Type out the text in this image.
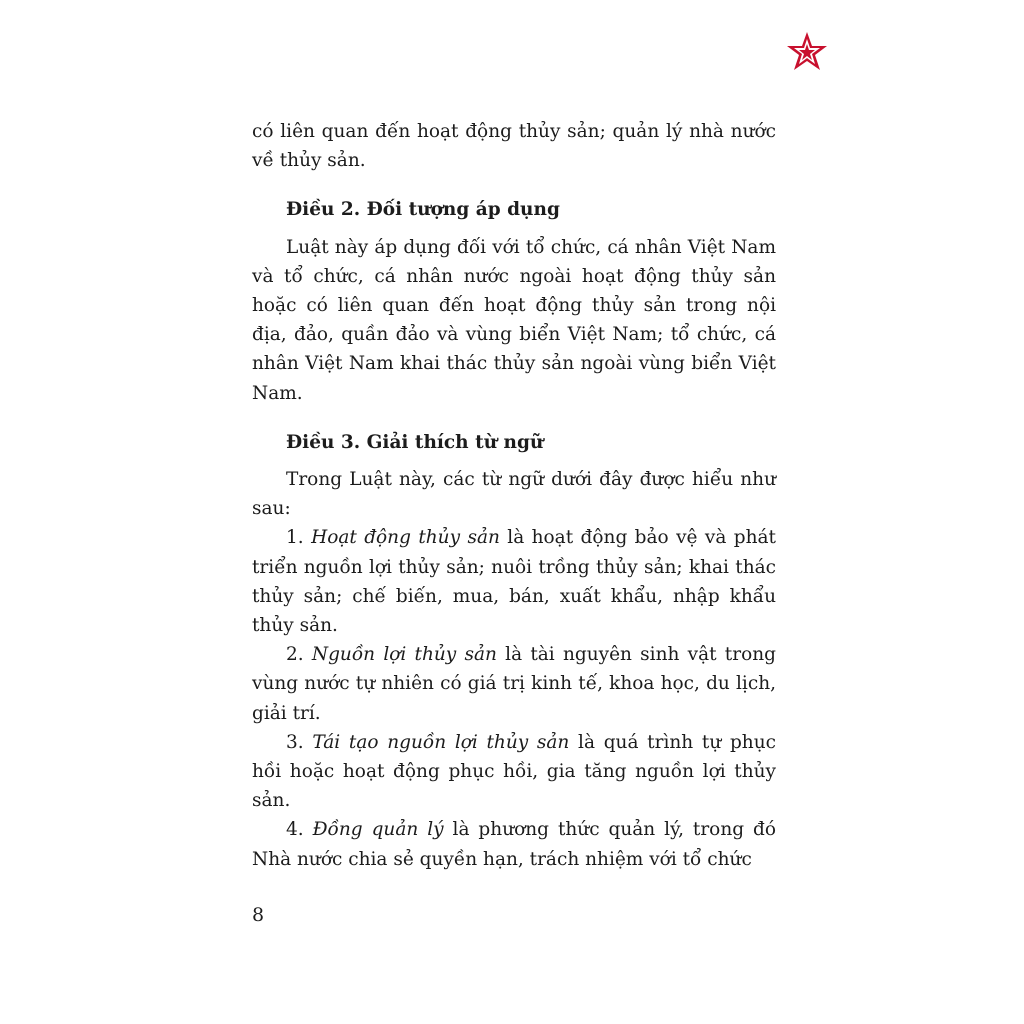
có liên quan đến hoạt động thủy sản; quản lý nhà nước về thủy sản.

Điều 2. Đối tượng áp dụng

Luật này áp dụng đối với tổ chức, cá nhân Việt Nam và tổ chức, cá nhân nước ngoài hoạt động thủy sản hoặc có liên quan đến hoạt động thủy sản trong nội địa, đảo, quần đảo và vùng biển Việt Nam; tổ chức, cá nhân Việt Nam khai thác thủy sản ngoài vùng biển Việt Nam.

Điều 3. Giải thích từ ngữ

Trong Luật này, các từ ngữ dưới đây được hiểu như sau:

1. Hoạt động thủy sản là hoạt động bảo vệ và phát triển nguồn lợi thủy sản; nuôi trồng thủy sản; khai thác thủy sản; chế biến, mua, bán, xuất khẩu, nhập khẩu thủy sản.

2. Nguồn lợi thủy sản là tài nguyên sinh vật trong vùng nước tự nhiên có giá trị kinh tế, khoa học, du lịch, giải trí.

3. Tái tạo nguồn lợi thủy sản là quá trình tự phục hồi hoặc hoạt động phục hồi, gia tăng nguồn lợi thủy sản.

4. Đồng quản lý là phương thức quản lý, trong đó Nhà nước chia sẻ quyền hạn, trách nhiệm với tổ chức

8
